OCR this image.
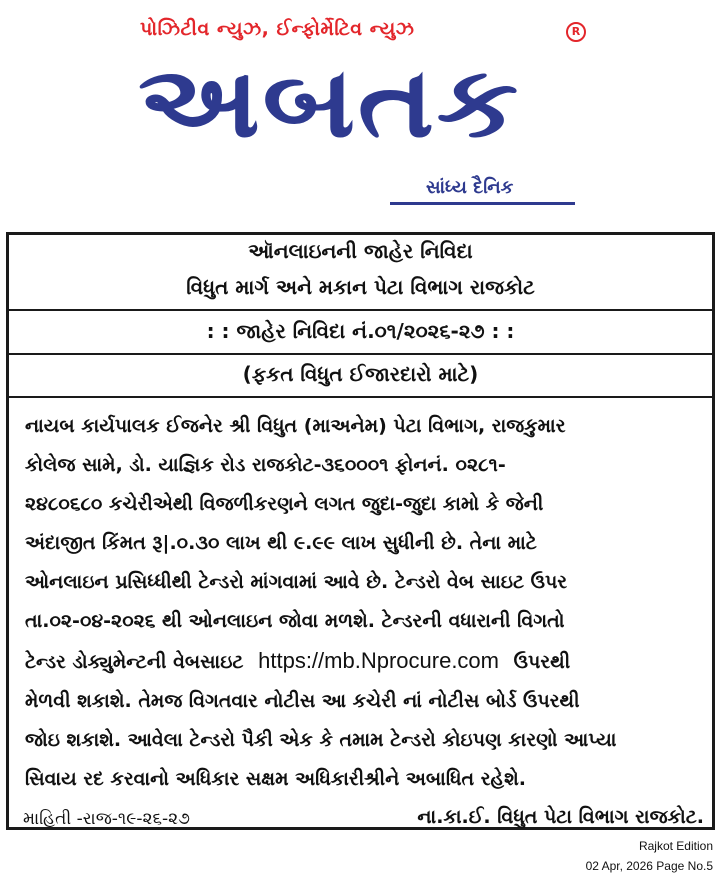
પોઝિટીવ ન્યુઝ, ઈન્ફોર્મેટિવ ન્યુઝ	R
અબતક
સાંધ્ય દૈનિક
ઑનલાઇનની જાહેર નિવિદા
વિધુત માર્ગ અને મકાન પેટા વિભાગ રાજકોટ
: : જાહેર નિવિદા નં.૦૧/૨૦૨૬-૨૭ : :
(ફકત વિધુત ઈજારદારો માટે)
નાયબ કાર્યપાલક ઈજનેર શ્રી વિધુત (માઅનેમ) પેટા વિભાગ, રાજકુમાર
કોલેજ સામે, ડો. યાજ્ઞિક રોડ રાજકોટ-૩૬૦૦૦૧ ફોનનં. ૦૨૮૧-
૨૪૮૦૬૮૦ કચેરીએથી વિજળીકરણને લગત જુદા-જુદા કામો કે જેની
અંદાજીત કિંમત રૂ|.૦.૩૦ લાખ થી ૯.૯૯ લાખ સુધીની છે. તેના માટે
ઓનલાઇન પ્રસિધ્ધીથી ટેન્ડરો માંગવામાં આવે છે. ટેન્ડરો વેબ સાઇટ ઉપર
તા.૦૨-૦૪-૨૦૨૬ થી ઓનલાઇન જોવા મળશે. ટેન્ડરની વધારાની વિગતો
ટેન્ડર ડોક્યુમેન્ટની વેબસાઇટ https://mb.Nprocure.com ઉપરથી
મેળવી શકાશે. તેમજ વિગતવાર નોટીસ આ કચેરી નાં નોટીસ બોર્ડ ઉપરથી
જોઇ શકાશે. આવેલા ટેન્ડરો પૈકી એક કે તમામ ટેન્ડરો કોઇપણ કારણો આપ્યા
સિવાય રદ કરવાનો અધિકાર સક્ષમ અધિકારીશ્રીને અબાધિત રહેશે.
માહિતી -રાજ-૧૯-૨૬-૨૭	ના.કા.ઈ. વિધુત પેટા વિભાગ રાજકોટ.
Rajkot Edition
02 Apr, 2026 Page No.5
